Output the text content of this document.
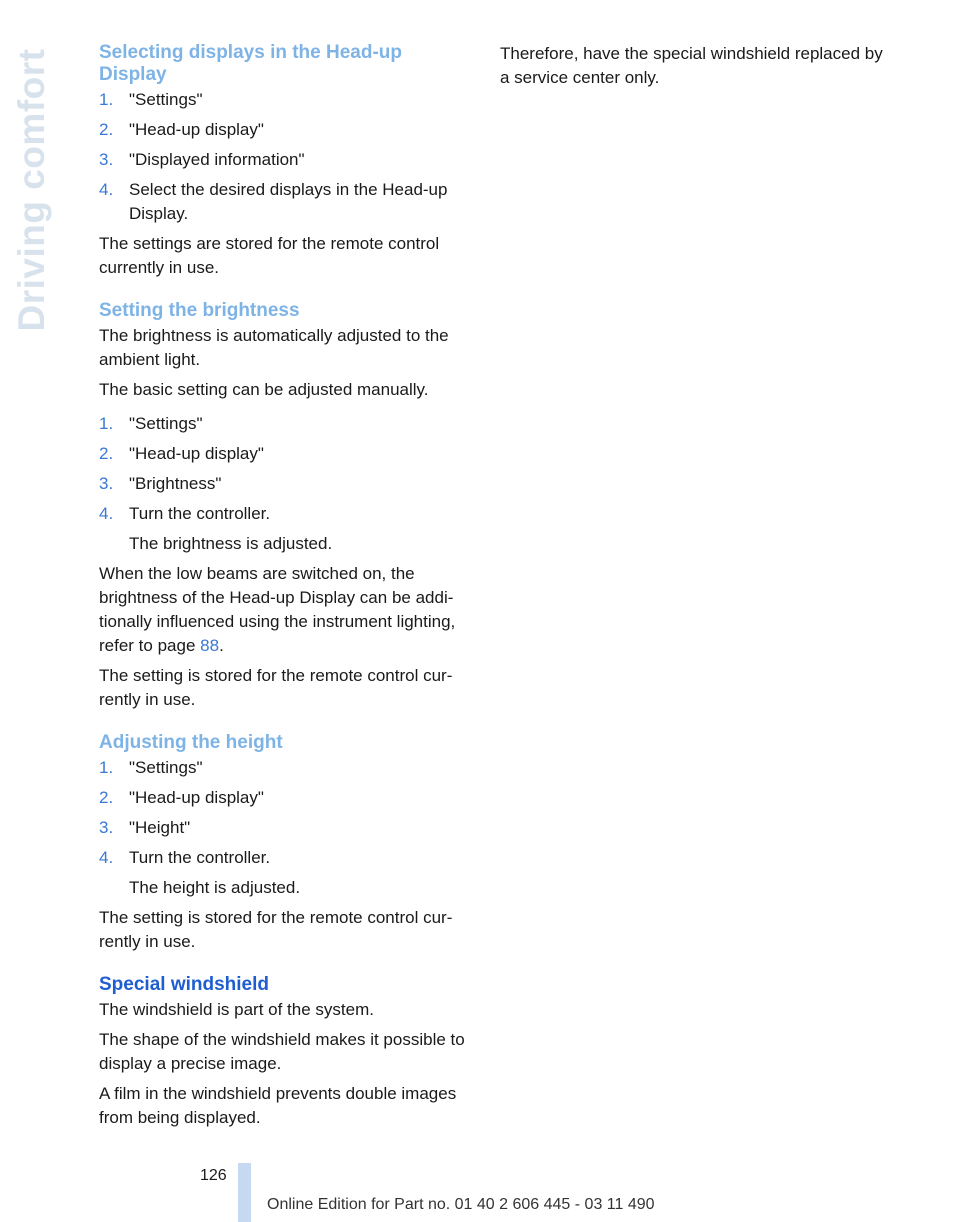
Driving comfort Selecting displays in the Head-up Display
1. "Settings"
2. "Head-up display"
3. "Displayed information"
4. Select the desired displays in the Head-up Display.

The settings are stored for the remote control currently in use.

Setting the brightness

The brightness is automatically adjusted to the ambient light.

The basic setting can be adjusted manually.

1. "Settings"
2. "Head-up display"
3. "Brightness"
4. Turn the controller.
The brightness is adjusted.

When the low beams are switched on, the brightness of the Head-up Display can be additionally influenced using the instrument lighting, refer to page 88.

The setting is stored for the remote control currently in use.

Adjusting the height
1. "Settings"
2. "Head-up display"
3. "Height"
4. Turn the controller.
The height is adjusted.

The setting is stored for the remote control currently in use.

Special windshield

The windshield is part of the system.

The shape of the windshield makes it possible to display a precise image.

A film in the windshield prevents double images from being displayed.

Therefore, have the special windshield replaced by a service center only.

126
Online Edition for Part no. 01 40 2 606 445 - 03 11 490
